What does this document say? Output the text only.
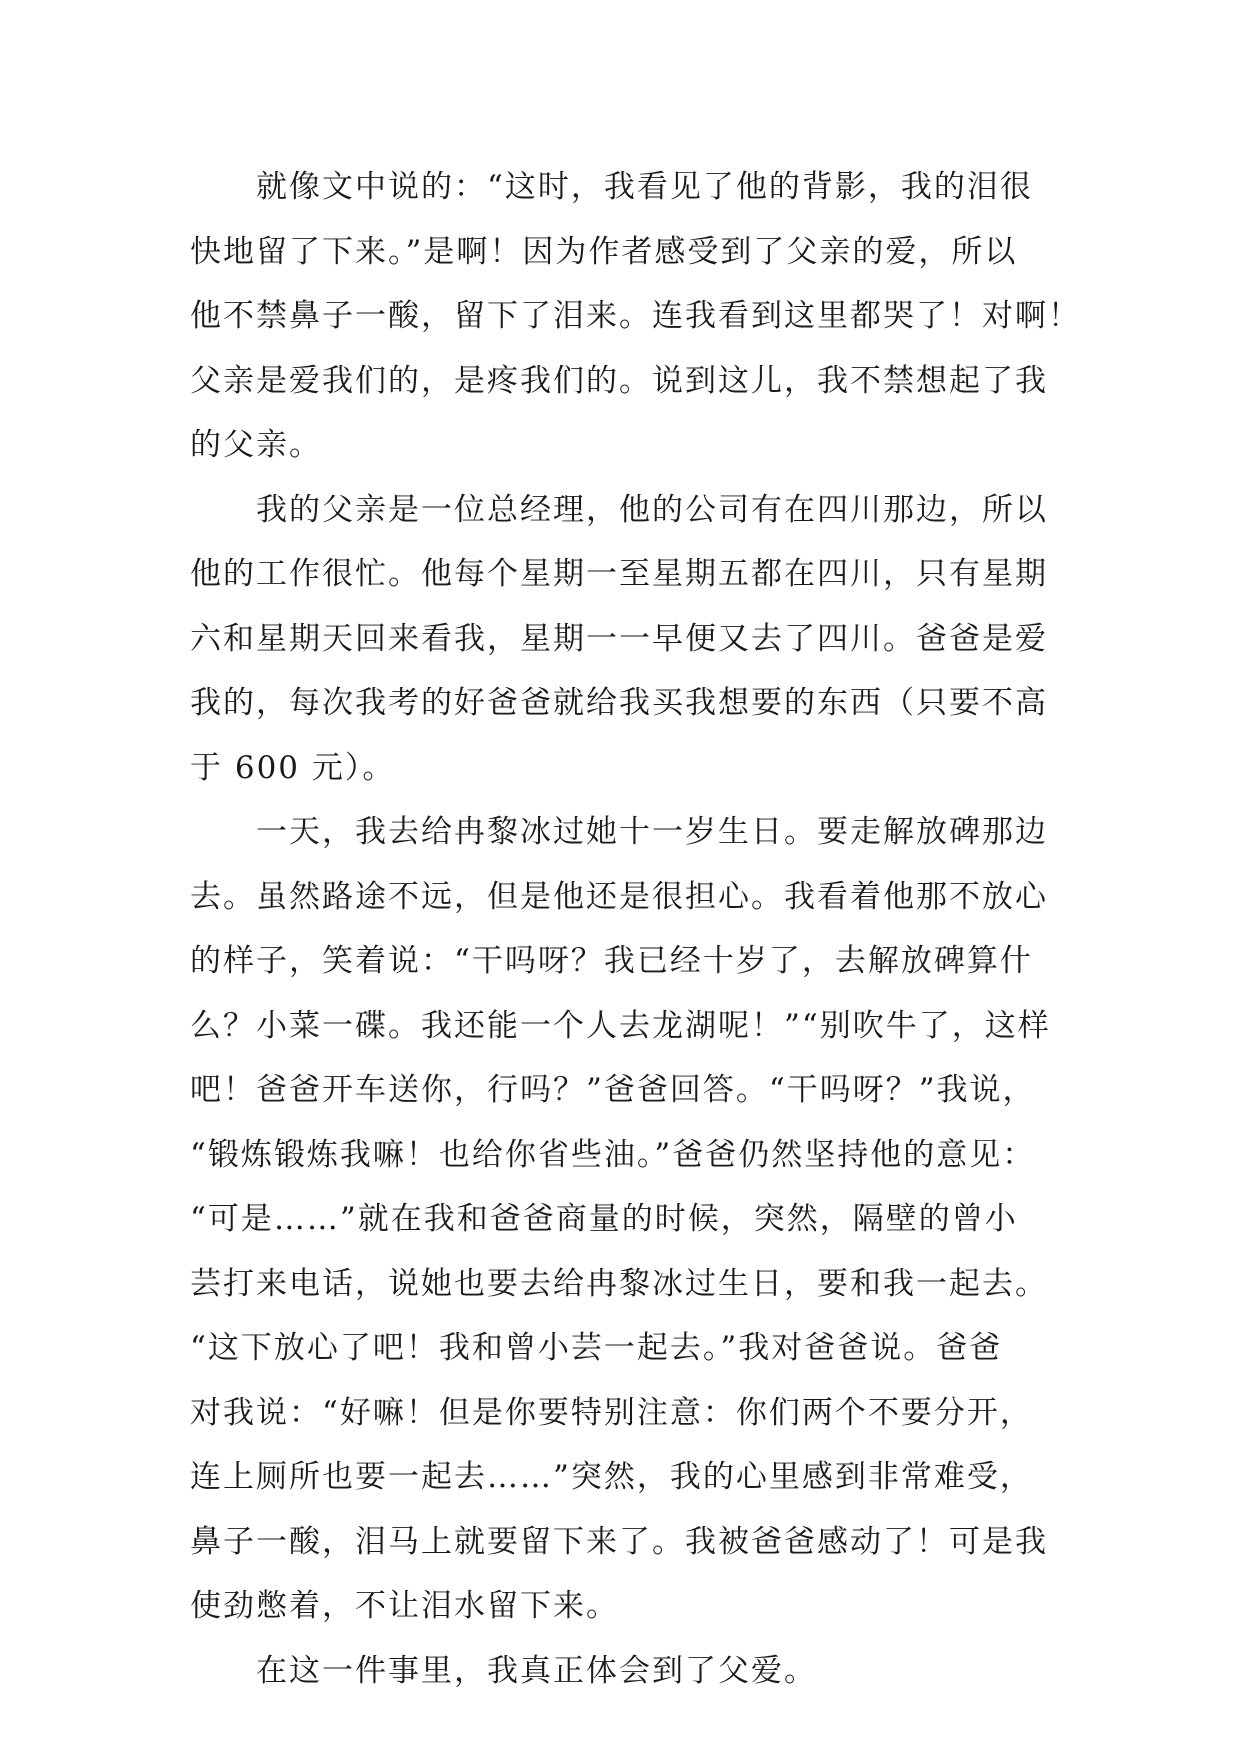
就像文中说的：“这时，我看见了他的背影，我的泪很
快地留了下来。”是啊！因为作者感受到了父亲的爱，所以
他不禁鼻子一酸，留下了泪来。连我看到这里都哭了！对啊！
父亲是爱我们的，是疼我们的。说到这儿，我不禁想起了我
的父亲。
我的父亲是一位总经理，他的公司有在四川那边，所以
他的工作很忙。他每个星期一至星期五都在四川，只有星期
六和星期天回来看我，星期一一早便又去了四川。爸爸是爱
我的，每次我考的好爸爸就给我买我想要的东西（只要不高
于 600 元）。
一天，我去给冉黎冰过她十一岁生日。要走解放碑那边
去。虽然路途不远，但是他还是很担心。我看着他那不放心
的样子，笑着说：“干吗呀？我已经十岁了，去解放碑算什
么？小菜一碟。我还能一个人去龙湖呢！”“别吹牛了，这样
吧！爸爸开车送你，行吗？”爸爸回答。“干吗呀？”我说，
“锻炼锻炼我嘛！也给你省些油。”爸爸仍然坚持他的意见：
“可是……”就在我和爸爸商量的时候，突然，隔壁的曾小
芸打来电话，说她也要去给冉黎冰过生日，要和我一起去。
“这下放心了吧！我和曾小芸一起去。”我对爸爸说。爸爸
对我说：“好嘛！但是你要特别注意：你们两个不要分开，
连上厕所也要一起去……”突然，我的心里感到非常难受，
鼻子一酸，泪马上就要留下来了。我被爸爸感动了！可是我
使劲憋着，不让泪水留下来。
在这一件事里，我真正体会到了父爱。
